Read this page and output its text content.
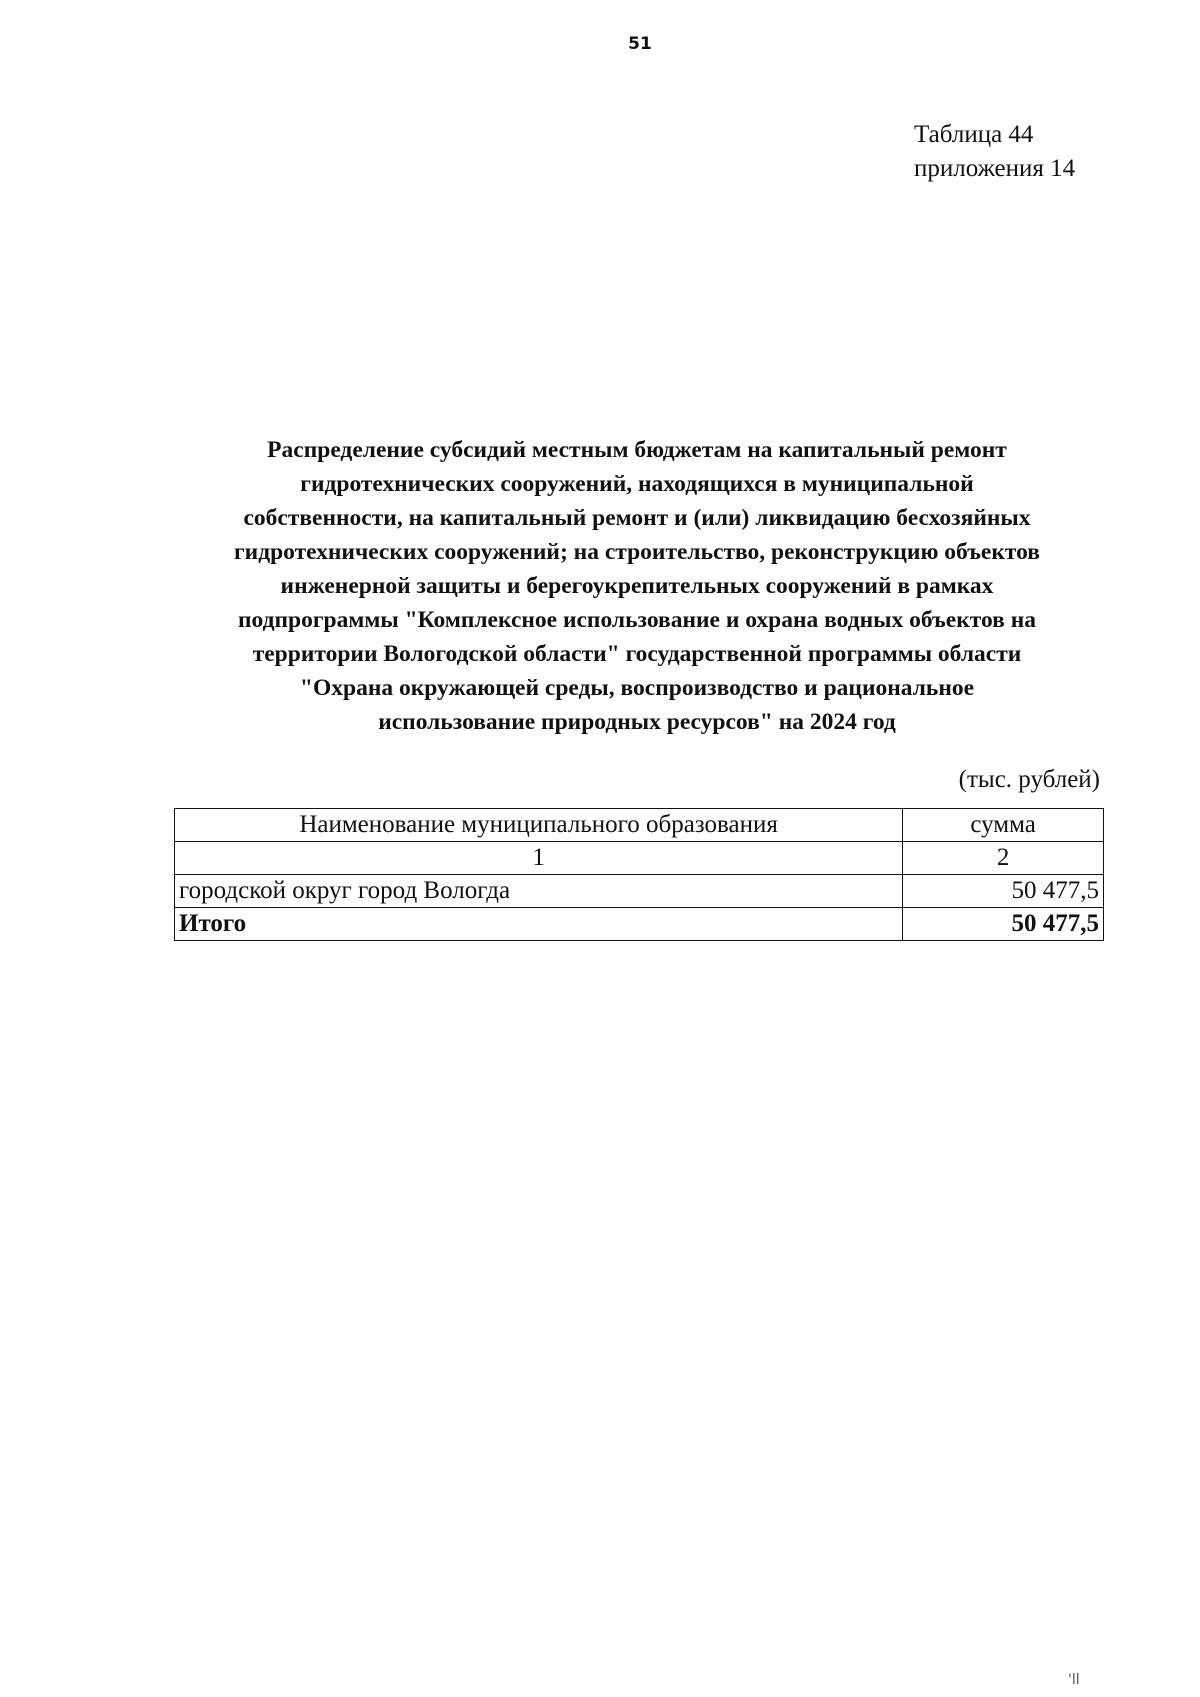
51
Таблица 44
приложения 14
Распределение субсидий местным бюджетам на капитальный ремонт
гидротехнических сооружений, находящихся в муниципальной
собственности, на капитальный ремонт и (или) ликвидацию бесхозяйных
гидротехнических сооружений; на строительство, реконструкцию объектов
инженерной защиты и берегоукрепительных сооружений в рамках
подпрограммы "Комплексное использование и охрана водных объектов на
территории Вологодской области" государственной программы области
"Охрана окружающей среды, воспроизводство и рациональное
использование природных ресурсов" на 2024 год
(тыс. рублей)
Наименование муниципального образования	сумма
1	2
городской округ город Вологда	50 477,5
Итого	50 477,5
'll
